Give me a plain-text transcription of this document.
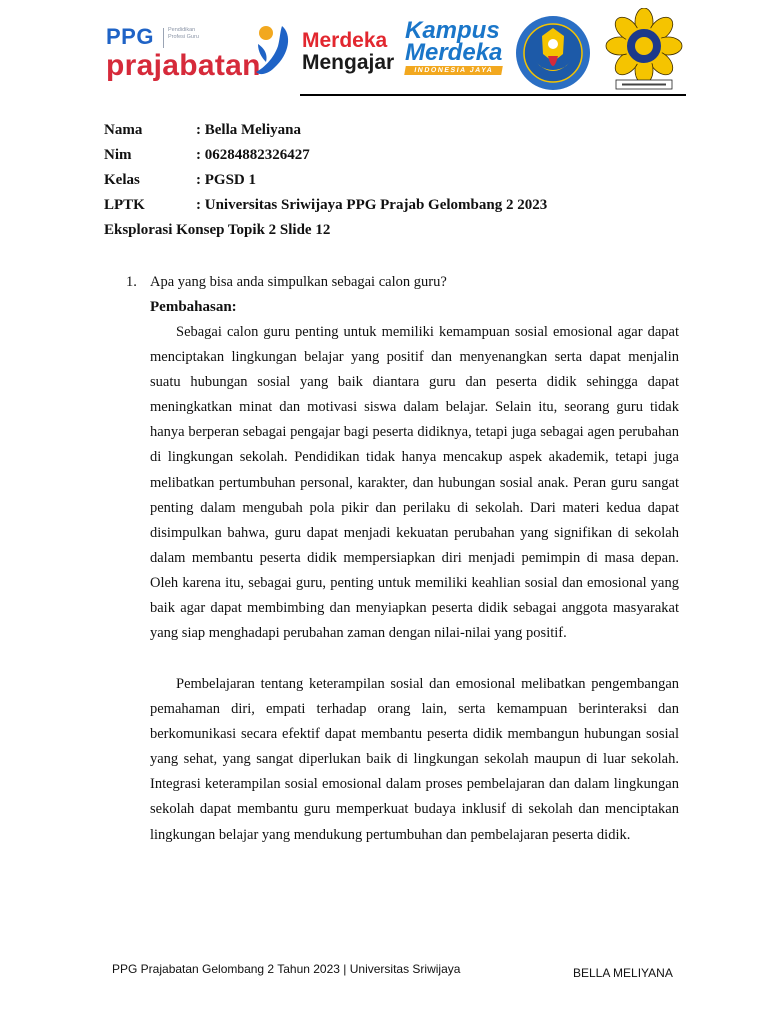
PPG	Pendidikan Profesi Guru
prajabatan
Merdeka
Mengajar
Kampus
Merdeka
INDONESIA JAYA
Nama	: Bella Meliyana
Nim	: 06284882326427
Kelas	: PGSD 1
LPTK	: Universitas Sriwijaya PPG Prajab Gelombang 2 2023
Eksplorasi Konsep Topik 2 Slide 12
1. Apa yang bisa anda simpulkan sebagai calon guru?
Pembahasan:

Sebagai calon guru penting untuk memiliki kemampuan sosial emosional agar dapat menciptakan lingkungan belajar yang positif dan menyenangkan serta dapat menjalin suatu hubungan sosial yang baik diantara guru dan peserta didik sehingga dapat meningkatkan minat dan motivasi siswa dalam belajar. Selain itu, seorang guru tidak hanya berperan sebagai pengajar bagi peserta didiknya, tetapi juga sebagai agen perubahan di lingkungan sekolah. Pendidikan tidak hanya mencakup aspek akademik, tetapi juga melibatkan pertumbuhan personal, karakter, dan hubungan sosial anak. Peran guru sangat penting dalam mengubah pola pikir dan perilaku di sekolah. Dari materi kedua dapat disimpulkan bahwa, guru dapat menjadi kekuatan perubahan yang signifikan di sekolah dalam membantu peserta didik mempersiapkan diri menjadi pemimpin di masa depan. Oleh karena itu, sebagai guru, penting untuk memiliki keahlian sosial dan emosional yang baik agar dapat membimbing dan menyiapkan peserta didik sebagai anggota masyarakat yang siap menghadapi perubahan zaman dengan nilai-nilai yang positif.

Pembelajaran tentang keterampilan sosial dan emosional melibatkan pengembangan pemahaman diri, empati terhadap orang lain, serta kemampuan berinteraksi dan berkomunikasi secara efektif dapat membantu peserta didik membangun hubungan sosial yang sehat, yang sangat diperlukan baik di lingkungan sekolah maupun di luar sekolah. Integrasi keterampilan sosial emosional dalam proses pembelajaran dan dalam lingkungan sekolah dapat membantu guru memperkuat budaya inklusif di sekolah dan menciptakan lingkungan belajar yang mendukung pertumbuhan dan pembelajaran peserta didik.

PPG Prajabatan Gelombang 2 Tahun 2023 | Universitas Sriwijaya	BELLA MELIYANA
